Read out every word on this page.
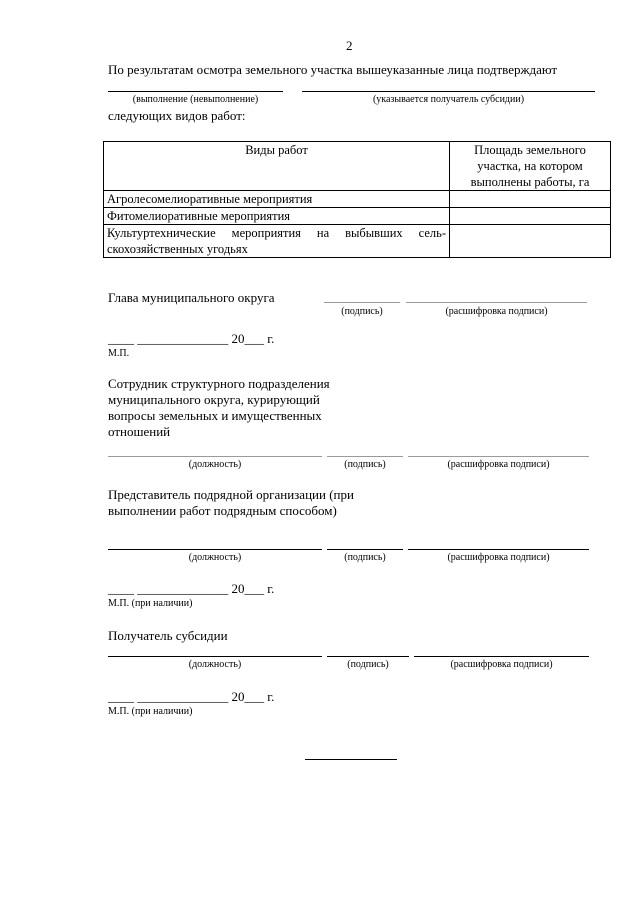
2
По результатам осмотра земельного участка вышеуказанные лица подтверждают
(выполнение (невыполнение)	(указывается получатель субсидии)
следующих видов работ:
Виды работ	Площадь земельного участка, на котором выполнены работы, га
Агролесомелиоративные мероприятия	
Фитомелиоративные мероприятия	
Культуртехнические мероприятия на выбывших сель-скохозяйственных угодьях	
Глава муниципального округа
(подпись)	(расшифровка подписи)
____ ______________ 20___ г.
М.П.
Сотрудник структурного подразделения муниципального округа, курирующий вопросы земельных и имущественных отношений
(должность)	(подпись)	(расшифровка подписи)
Представитель подрядной организации (при выполнении работ подрядным способом)
(должность)	(подпись)	(расшифровка подписи)
____ ______________ 20___ г.
М.П. (при наличии)
Получатель субсидии
(должность)	(подпись)	(расшифровка подписи)
____ ______________ 20___ г.
М.П. (при наличии)
